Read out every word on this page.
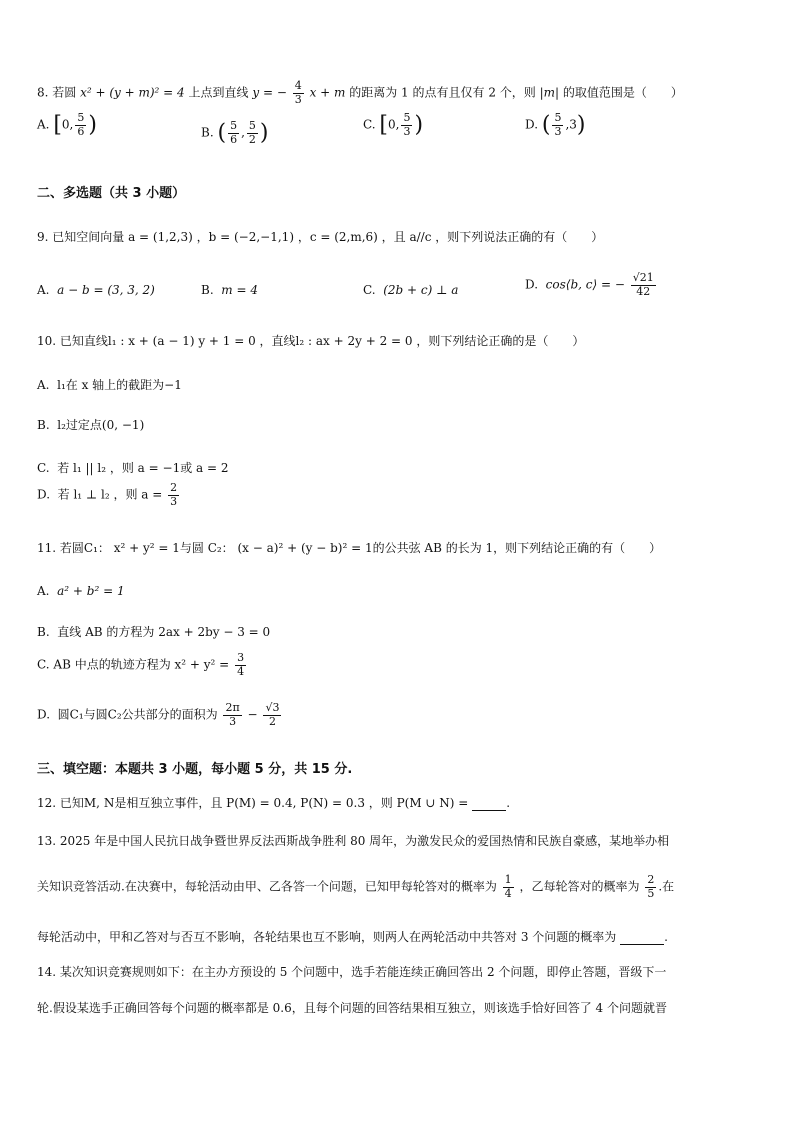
8. 若圆 x² + (y + m)² = 4 上点到直线 y = − $\frac{4}{3}$ x + m 的距离为 1 的点有且仅有 2 个，则 |m| 的取值范围是（　　）
A. [0, $\frac{5}{6}$ )	B. ( $\frac{5}{6}$ , $\frac{5}{2}$ )	C. [0, $\frac{5}{3}$ )	D. ( $\frac{5}{3} ,3$)
二、多选题（共 3 小题）
9. 已知空间向量 a = (1,2,3) ，b = (−2,−1,1) ，c = (2,m,6) ，且 a//c ，则下列说法正确的有（　　）
A. a − b = (3, 3, 2)	B. m = 4	C. (2b + c) ⊥ a	D. cos⟨b, c⟩ = − $\frac{√21}{42}$
10. 已知直线l₁ : x + (a − 1) y + 1 = 0 ，直线l₂ : ax + 2y + 2 = 0 ，则下列结论正确的是（　　）
A. l₁在 x 轴上的截距为−1
B. l₂过定点(0, −1)
C. 若 l₁ || l₂ ，则 a = −1或 a = 2
D. 若 l₁ ⊥ l₂ ，则 $a = \frac{2}{3}$
11. 若圆C₁： x² + y² = 1与圆 C₂： (x − a)² + (y − b)² = 1的公共弦 AB 的长为 1，则下列结论正确的有（　　）
A. a² + b² = 1
B. 直线 AB 的方程为 2ax + 2by − 3 = 0
C. AB 中点的轨迹方程为 $x^2 + y^2 = \frac{3}{4}$
D. 圆C₁与圆C₂公共部分的面积为 $\frac{2\pi}{3} - \frac{√3}{2}$
三、填空题：本题共 3 小题，每小题 5 分，共 15 分.
12. 已知M, N是相互独立事件，且 P(M) = 0.4, P(N) = 0.3 ，则 P(M ∪ N) =	.
13. 2025 年是中国人民抗日战争暨世界反法西斯战争胜利 80 周年，为激发民众的爱国热情和民族自豪感，某地举办相
关知识竞答活动.在决赛中，每轮活动由甲、乙各答一个问题，已知甲每轮答对的概率为 $\frac{1}{4}$ ，乙每轮答对的概率为 $\frac{2}{5}$ .在
每轮活动中，甲和乙答对与否互不影响，各轮结果也互不影响，则两人在两轮活动中共答对 3 个问题的概率为	.
14. 某次知识竞赛规则如下：在主办方预设的 5 个问题中，选手若能连续正确回答出 2 个问题，即停止答题，晋级下一
轮.假设某选手正确回答每个问题的概率都是 0.6，且每个问题的回答结果相互独立，则该选手恰好回答了 4 个问题就晋
